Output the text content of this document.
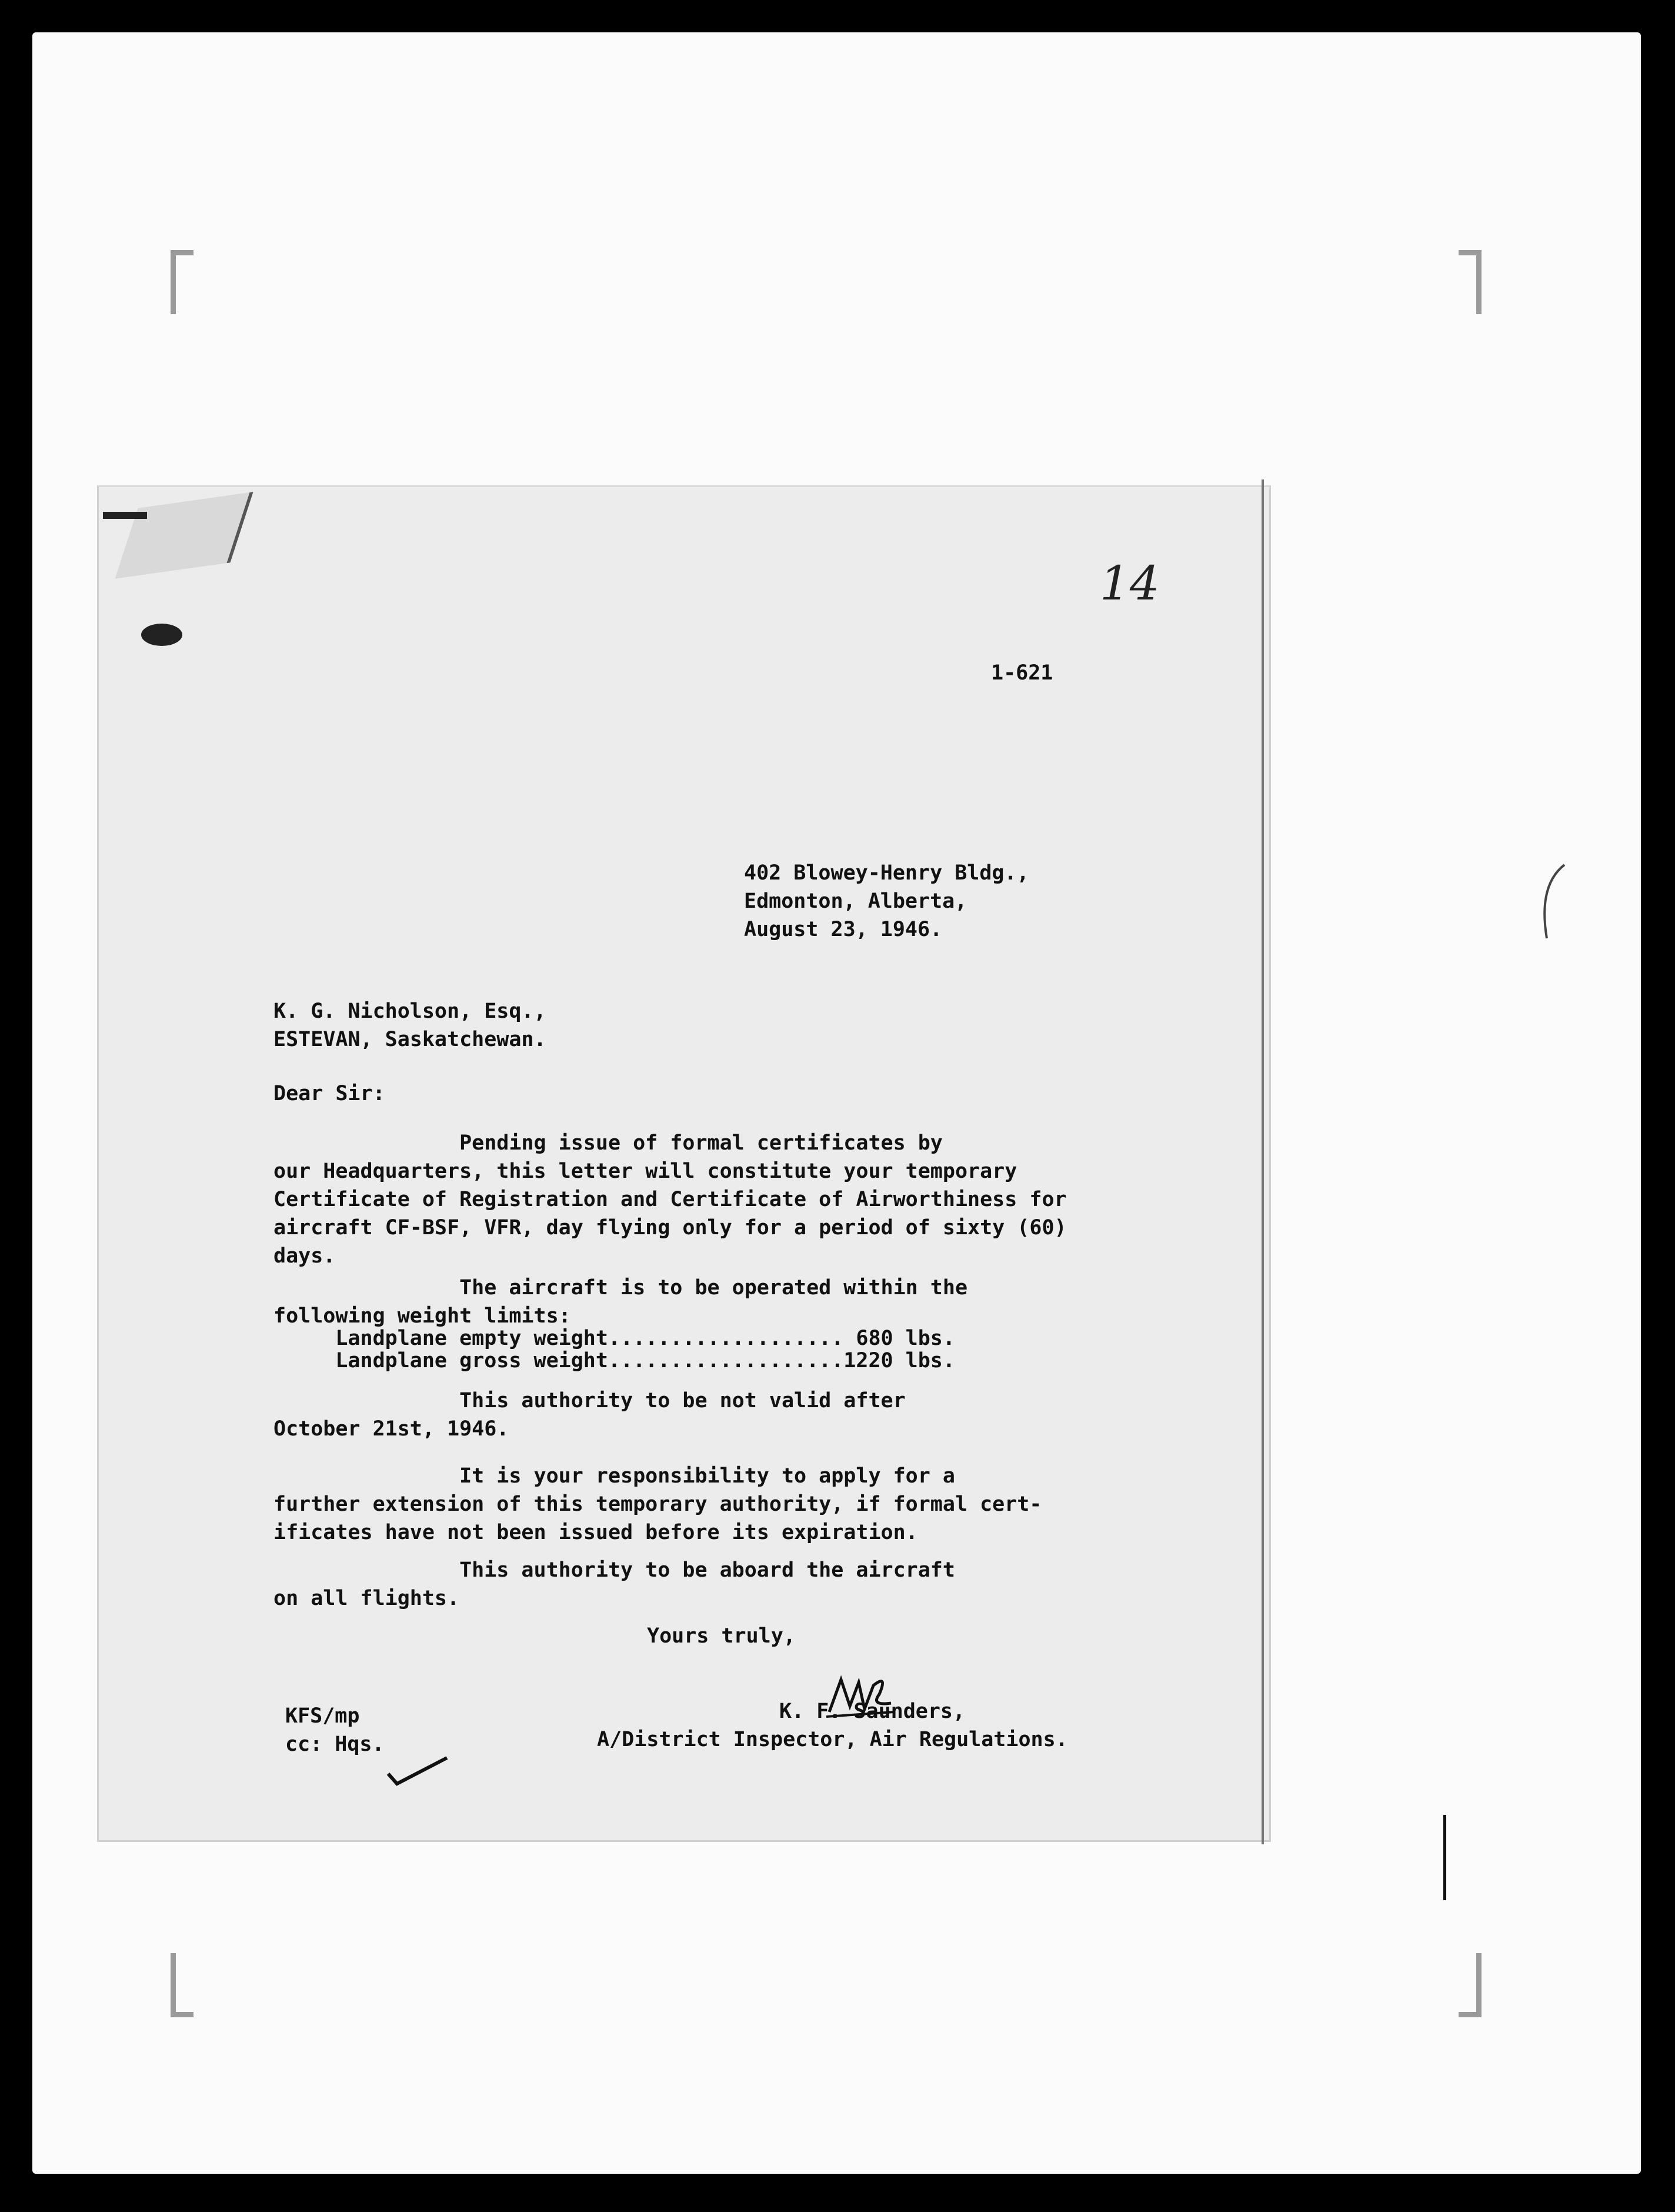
14
1-621
402 Blowey-Henry Bldg.,
Edmonton, Alberta,
August 23, 1946.
K. G. Nicholson, Esq.,
ESTEVAN, Saskatchewan.
Dear Sir:
Pending issue of formal certificates by
our Headquarters, this letter will constitute your temporary
Certificate of Registration and Certificate of Airworthiness for
aircraft CF-BSF, VFR, day flying only for a period of sixty (60)
days.
The aircraft is to be operated within the
following weight limits:
Landplane empty weight................... 680 lbs.
Landplane gross weight...................1220 lbs.
This authority to be not valid after
October 21st, 1946.
It is your responsibility to apply for a
further extension of this temporary authority, if formal cert-
ificates have not been issued before its expiration.
This authority to be aboard the aircraft
on all flights.
Yours truly,
K. F. Saunders,
A/District Inspector, Air Regulations.
KFS/mp
cc: Hqs.
